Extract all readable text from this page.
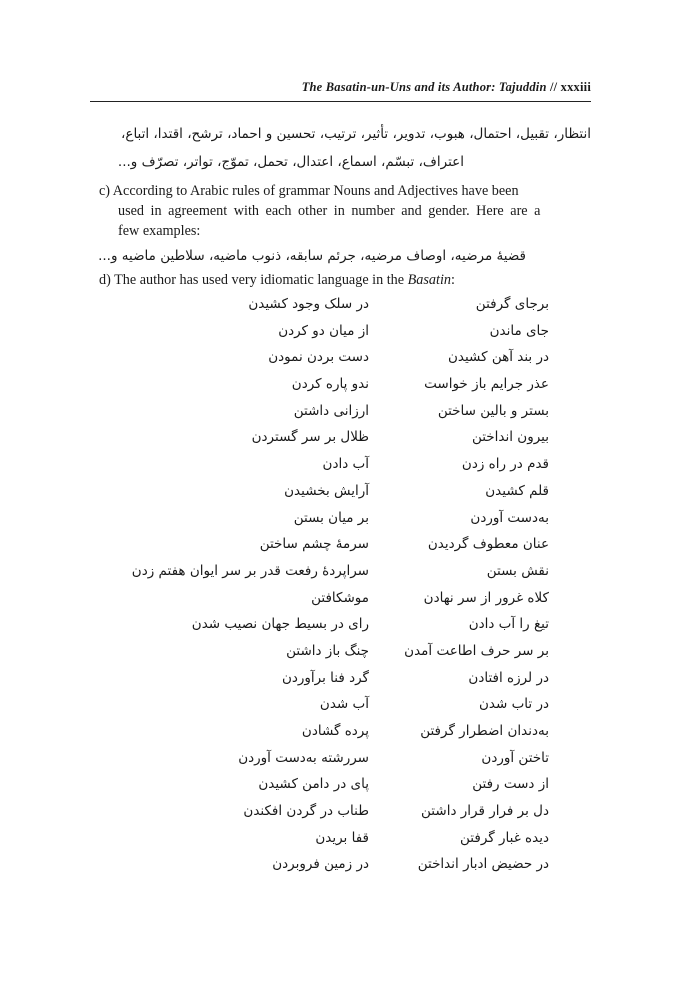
The Basatin-un-Uns and its Author: Tajuddin // xxxiii
انتظار، تقبیل، احتمال، هبوب، تدویر، تأثیر، ترتیب، تحسین و احماد، ترشح، اقتدا، اتباع،
اعتراف، تبسّم، اسماع، اعتدال، تحمل، تموّج، تواتر، تصرّف و...
c) According to Arabic rules of grammar Nouns and Adjectives have been
used in agreement with each other in number and gender. Here are a
few examples:
قضیهٔ مرضیه، اوصاف مرضیه، جرئم سابقه، ذنوب ماضیه، سلاطین ماضیه و...
d) The author has used very idiomatic language in the Basatin:
برجای گرفتن
در سلک وجود کشیدن
جای ماندن
از میان دو کردن
در بند آهن کشیدن
دست بردن نمودن
عذر جرایم باز خواست
ندو پاره کردن
بستر و بالین ساختن
ارزانی داشتن
بیرون انداختن
ظلال بر سر گستردن
قدم در راه زدن
آب دادن
قلم کشیدن
آرایش بخشیدن
به‌دست آوردن
بر میان بستن
عنان معطوف گردیدن
سرمهٔ چشم ساختن
نقش بستن
سراپردهٔ رفعت قدر بر سر ایوان هفتم زدن
کلاه غرور از سر نهادن
موشکافتن
تیغ را آب دادن
رای در بسیط جهان نصیب شدن
بر سر حرف اطاعت آمدن
چنگ باز داشتن
در لرزه افتادن
گرد فنا برآوردن
در تاب شدن
آب شدن
به‌دندان اضطرار گرفتن
پرده گشادن
تاختن آوردن
سررشته به‌دست آوردن
از دست رفتن
پای در دامن کشیدن
دل بر فرار قرار داشتن
طناب در گردن افکندن
دیده غبار گرفتن
قفا بریدن
در حضیض ادبار انداختن
در زمین فروبردن
